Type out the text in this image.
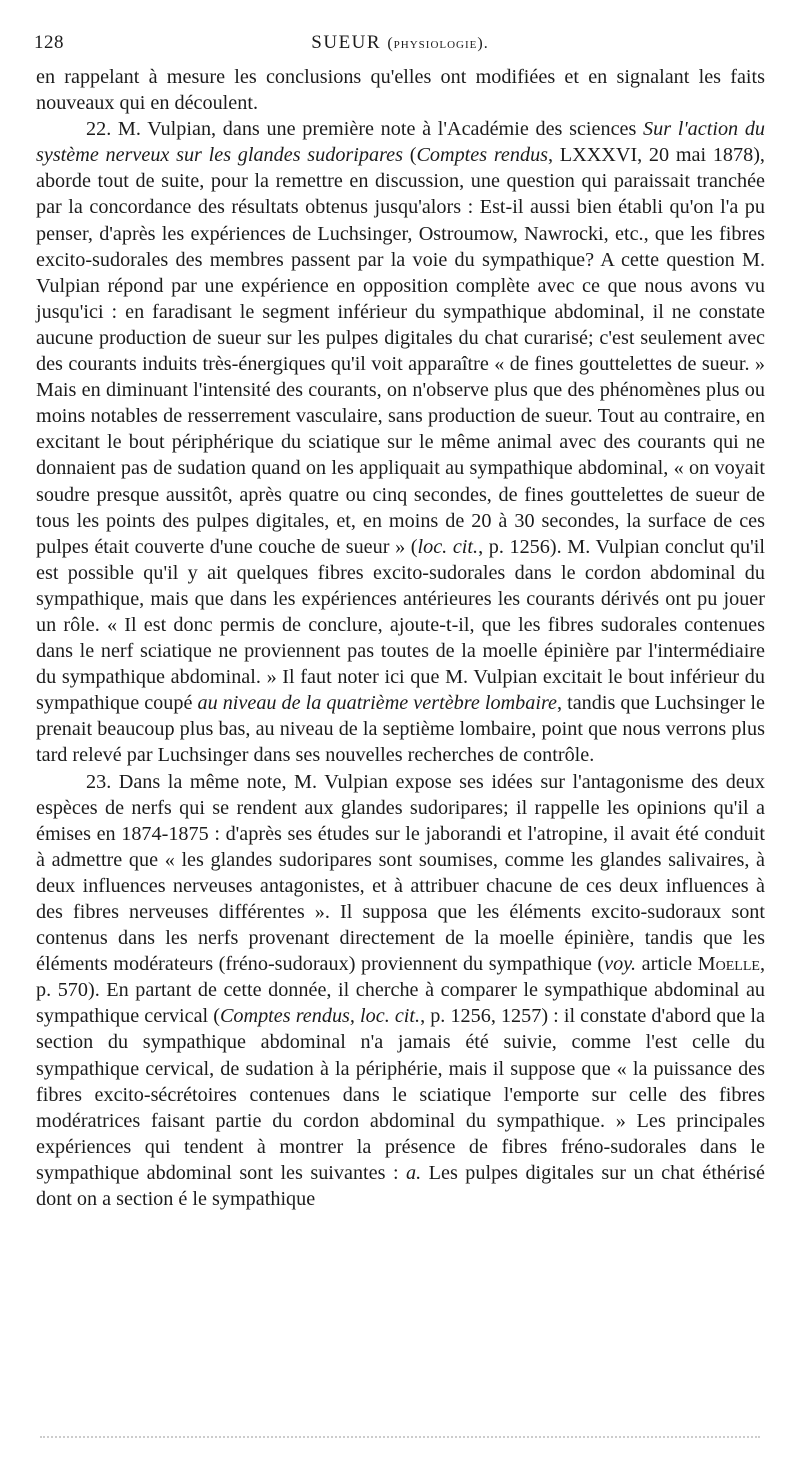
128	SUEUR (physiologie).

en rappelant à mesure les conclusions qu'elles ont modifiées et en signalant les faits nouveaux qui en découlent.

22. M. Vulpian, dans une première note à l'Académie des sciences Sur l'action du système nerveux sur les glandes sudoripares (Comptes rendus, LXXXVI, 20 mai 1878), aborde tout de suite, pour la remettre en discussion, une question qui paraissait tranchée par la concordance des résultats obtenus jusqu'alors : Est-il aussi bien établi qu'on l'a pu penser, d'après les expériences de Luchsinger, Ostroumow, Nawrocki, etc., que les fibres excito-sudorales des membres passent par la voie du sympathique? A cette question M. Vulpian répond par une expérience en opposition complète avec ce que nous avons vu jusqu'ici : en faradisant le segment inférieur du sympathique abdominal, il ne constate aucune production de sueur sur les pulpes digitales du chat curarisé; c'est seulement avec des courants induits très-énergiques qu'il voit apparaître « de fines gouttelettes de sueur. » Mais en diminuant l'intensité des courants, on n'observe plus que des phénomènes plus ou moins notables de resserrement vasculaire, sans production de sueur. Tout au contraire, en excitant le bout périphérique du sciatique sur le même animal avec des courants qui ne donnaient pas de sudation quand on les appliquait au sympathique abdominal, « on voyait soudre presque aussitôt, après quatre ou cinq secondes, de fines gouttelettes de sueur de tous les points des pulpes digitales, et, en moins de 20 à 30 secondes, la surface de ces pulpes était couverte d'une couche de sueur » (loc. cit., p. 1256). M. Vulpian conclut qu'il est possible qu'il y ait quelques fibres excito-sudorales dans le cordon abdominal du sympathique, mais que dans les expériences antérieures les courants dérivés ont pu jouer un rôle. « Il est donc permis de conclure, ajoute-t-il, que les fibres sudorales contenues dans le nerf sciatique ne proviennent pas toutes de la moelle épinière par l'intermédiaire du sympathique abdominal. » Il faut noter ici que M. Vulpian excitait le bout inférieur du sympathique coupé au niveau de la quatrième vertèbre lombaire, tandis que Luchsinger le prenait beaucoup plus bas, au niveau de la septième lombaire, point que nous verrons plus tard relevé par Luchsinger dans ses nouvelles recherches de contrôle.

23. Dans la même note, M. Vulpian expose ses idées sur l'antagonisme des deux espèces de nerfs qui se rendent aux glandes sudoripares; il rappelle les opinions qu'il a émises en 1874-1875 : d'après ses études sur le jaborandi et l'atropine, il avait été conduit à admettre que « les glandes sudoripares sont soumises, comme les glandes salivaires, à deux influences nerveuses antagonistes, et à attribuer chacune de ces deux influences à des fibres nerveuses différentes ». Il supposa que les éléments excito-sudoraux sont contenus dans les nerfs provenant directement de la moelle épinière, tandis que les éléments modérateurs (fréno-sudoraux) proviennent du sympathique (voy. article Moelle, p. 570). En partant de cette donnée, il cherche à comparer le sympathique abdominal au sympathique cervical (Comptes rendus, loc. cit., p. 1256, 1257) : il constate d'abord que la section du sympathique abdominal n'a jamais été suivie, comme l'est celle du sympathique cervical, de sudation à la périphérie, mais il suppose que « la puissance des fibres excito-sécrétoires contenues dans le sciatique l'emporte sur celle des fibres modératrices faisant partie du cordon abdominal du sympathique. » Les principales expériences qui tendent à montrer la présence de fibres fréno-sudorales dans le sympathique abdominal sont les suivantes : a. Les pulpes digitales sur un chat éthérisé dont on a section é le sympathique
